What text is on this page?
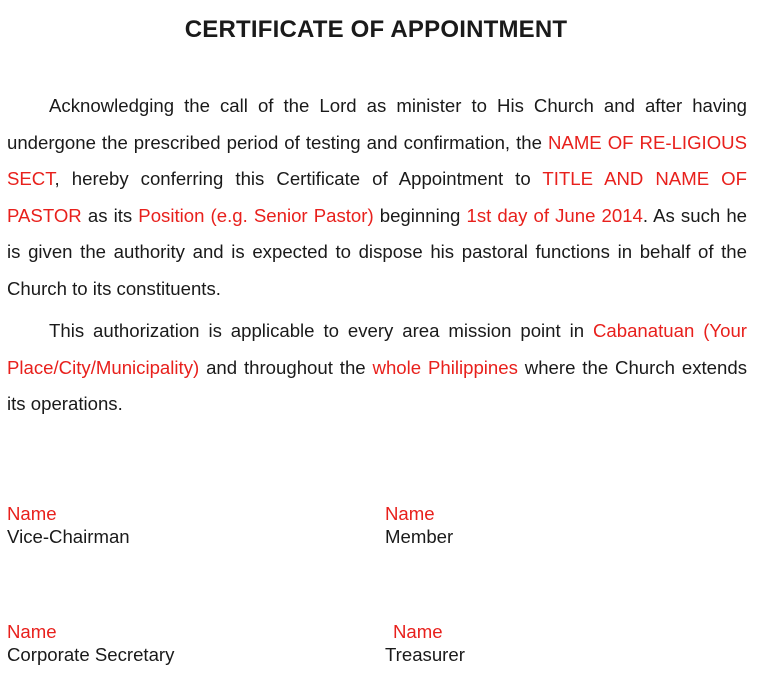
CERTIFICATE OF APPOINTMENT

Acknowledging the call of the Lord as minister to His Church and after having undergone the prescribed period of testing and confirmation, the NAME OF RE-LIGIOUS SECT, hereby conferring this Certificate of Appointment to TITLE AND NAME OF PASTOR as its Position (e.g. Senior Pastor) beginning 1st day of June 2014. As such he is given the authority and is expected to dispose his pastoral functions in behalf of the Church to its constituents.

This authorization is applicable to every area mission point in Cabanatuan (Your Place/City/Municipality) and throughout the whole Philippines where the Church extends its operations.

Name
Vice-Chairman
Name
Member
Name
Corporate Secretary
Name
Treasurer
